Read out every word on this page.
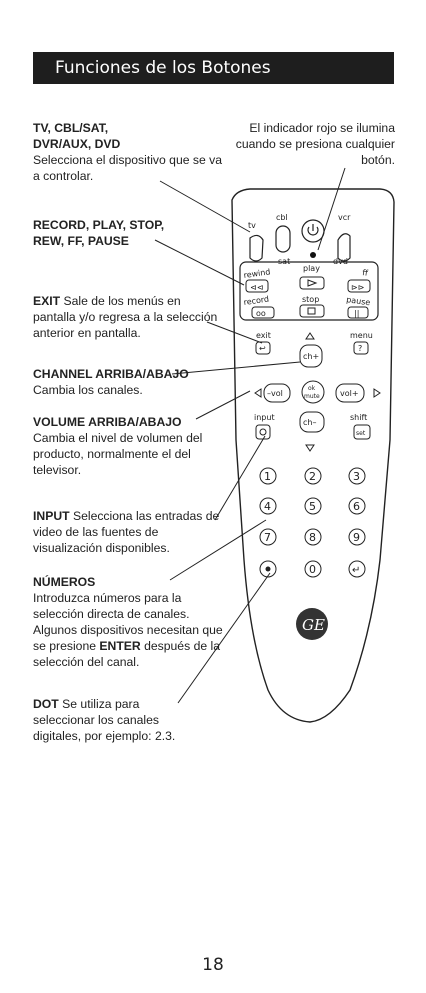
Funciones de los Botones
El indicador rojo se ilumina cuando se presiona cualquier botón.
TV, CBL/SAT,
DVR/AUX, DVD
Selecciona el dispositivo que se va a controlar.
RECORD, PLAY, STOP,
REW, FF, PAUSE
EXIT Sale de los menús en pantalla y/o regresa a la selección anterior en pantalla.
CHANNEL ARRIBA/ABAJO
Cambia los canales.
VOLUME ARRIBA/ABAJO
Cambia el nivel de volumen del producto, normalmente el del televisor.
INPUT Selecciona las entradas de video de las fuentes de visualización disponibles.
NÚMEROS
Introduzca números para la selección directa de canales. Algunos dispositivos necesitan que se presione ENTER después de la selección del canal.
DOT Se utiliza para seleccionar los canales digitales, por ejemplo: 2.3.
tv
cbl
sat
vcr
dvd
rewind	play	ff
⊲⊲	⊳⊳
record	stop	pause
oo	||
exit
↩
menu
?
ch+
–vol
ok
mute	vol+
input
ch–
shift
set
1	2	3
4	5	6
7	8	9
0	↵
GE
18
